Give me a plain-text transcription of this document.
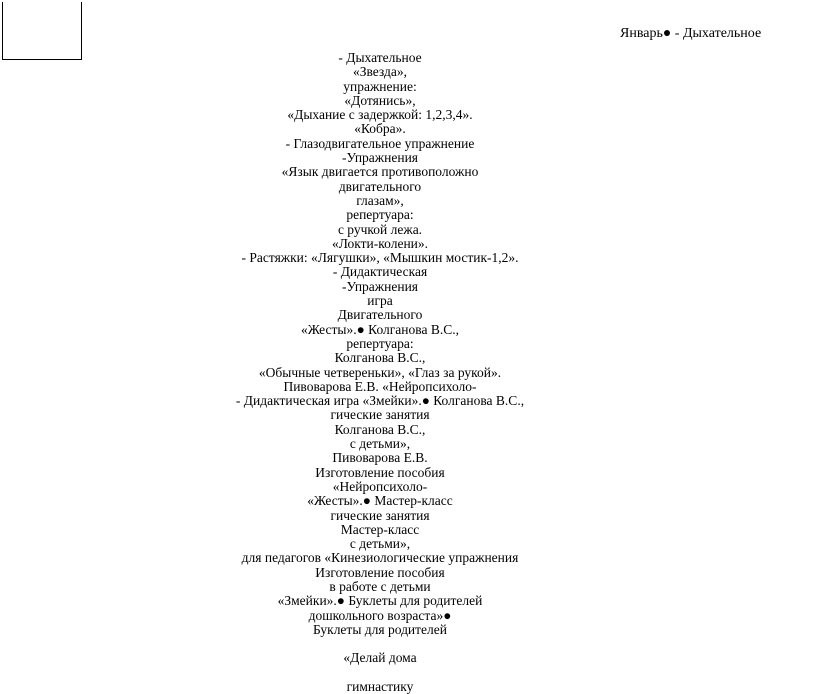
Январь● - Дыхательное
- Дыхательное
«Звезда»,
упражнение:
«Дотянись»,
«Дыхание с задержкой: 1,2,3,4».
«Кобра».
- Глазодвигательное упражнение
-Упражнения
«Язык двигается противоположно
двигательного
глазам»,
репертуара:
с ручкой лежа.
«Локти-колени».
- Растяжки: «Лягушки», «Мышкин мостик-1,2».
- Дидактическая
-Упражнения
игра
Двигательного
«Жесты».● Колганова В.С.,
репертуара:
Колганова В.С.,
«Обычные четвереньки», «Глаз за рукой».
Пивоварова Е.В. «Нейропсихоло-
- Дидактическая игра «Змейки».● Колганова В.С.,
гические занятия
Колганова В.С.,
с детьми»,
Пивоварова Е.В.
Изготовление пособия
«Нейропсихоло-
«Жесты».● Мастер-класс
гические занятия
Мастер-класс
с детьми»,
для педагогов «Кинезиологические упражнения
Изготовление пособия
в работе с детьми
«Змейки».● Буклеты для родителей
дошкольного возраста»●
Буклеты для родителей
«Делай дома
гимнастику
